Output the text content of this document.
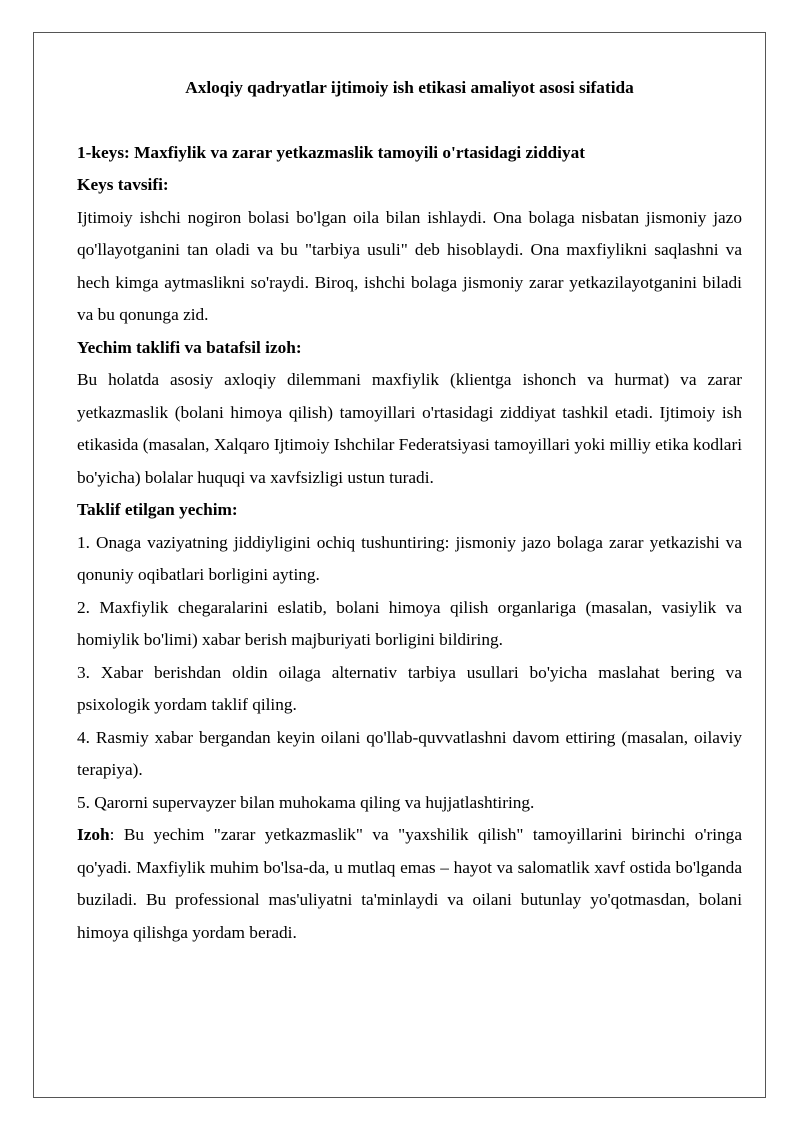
Axloqiy qadryatlar ijtimoiy ish etikasi amaliyot asosi sifatida

1-keys: Maxfiylik va zarar yetkazmaslik tamoyili o'rtasidagi ziddiyat

Keys tavsifi:

Ijtimoiy ishchi nogiron bolasi bo'lgan oila bilan ishlaydi. Ona bolaga nisbatan jismoniy jazo qo'llayotganini tan oladi va bu "tarbiya usuli" deb hisoblaydi. Ona maxfiylikni saqlashni va hech kimga aytmaslikni so'raydi. Biroq, ishchi bolaga jismoniy zarar yetkazilayotganini biladi va bu qonunga zid.

Yechim taklifi va batafsil izoh:

Bu holatda asosiy axloqiy dilemmani maxfiylik (klientga ishonch va hurmat) va zarar yetkazmaslik (bolani himoya qilish) tamoyillari o'rtasidagi ziddiyat tashkil etadi. Ijtimoiy ish etikasida (masalan, Xalqaro Ijtimoiy Ishchilar Federatsiyasi tamoyillari yoki milliy etika kodlari bo'yicha) bolalar huquqi va xavfsizligi ustun turadi.

Taklif etilgan yechim:

1. Onaga vaziyatning jiddiyligini ochiq tushuntiring: jismoniy jazo bolaga zarar yetkazishi va qonuniy oqibatlari borligini ayting.

2. Maxfiylik chegaralarini eslatib, bolani himoya qilish organlariga (masalan, vasiylik va homiylik bo'limi) xabar berish majburiyati borligini bildiring.

3. Xabar berishdan oldin oilaga alternativ tarbiya usullari bo'yicha maslahat bering va psixologik yordam taklif qiling.

4. Rasmiy xabar bergandan keyin oilani qo'llab-quvvatlashni davom ettiring (masalan, oilaviy terapiya).

5. Qarorni supervayzer bilan muhokama qiling va hujjatlashtiring.

Izoh: Bu yechim "zarar yetkazmaslik" va "yaxshilik qilish" tamoyillarini birinchi o'ringa qo'yadi. Maxfiylik muhim bo'lsa-da, u mutlaq emas – hayot va salomatlik xavf ostida bo'lganda buziladi. Bu professional mas'uliyatni ta'minlaydi va oilani butunlay yo'qotmasdan, bolani himoya qilishga yordam beradi.
